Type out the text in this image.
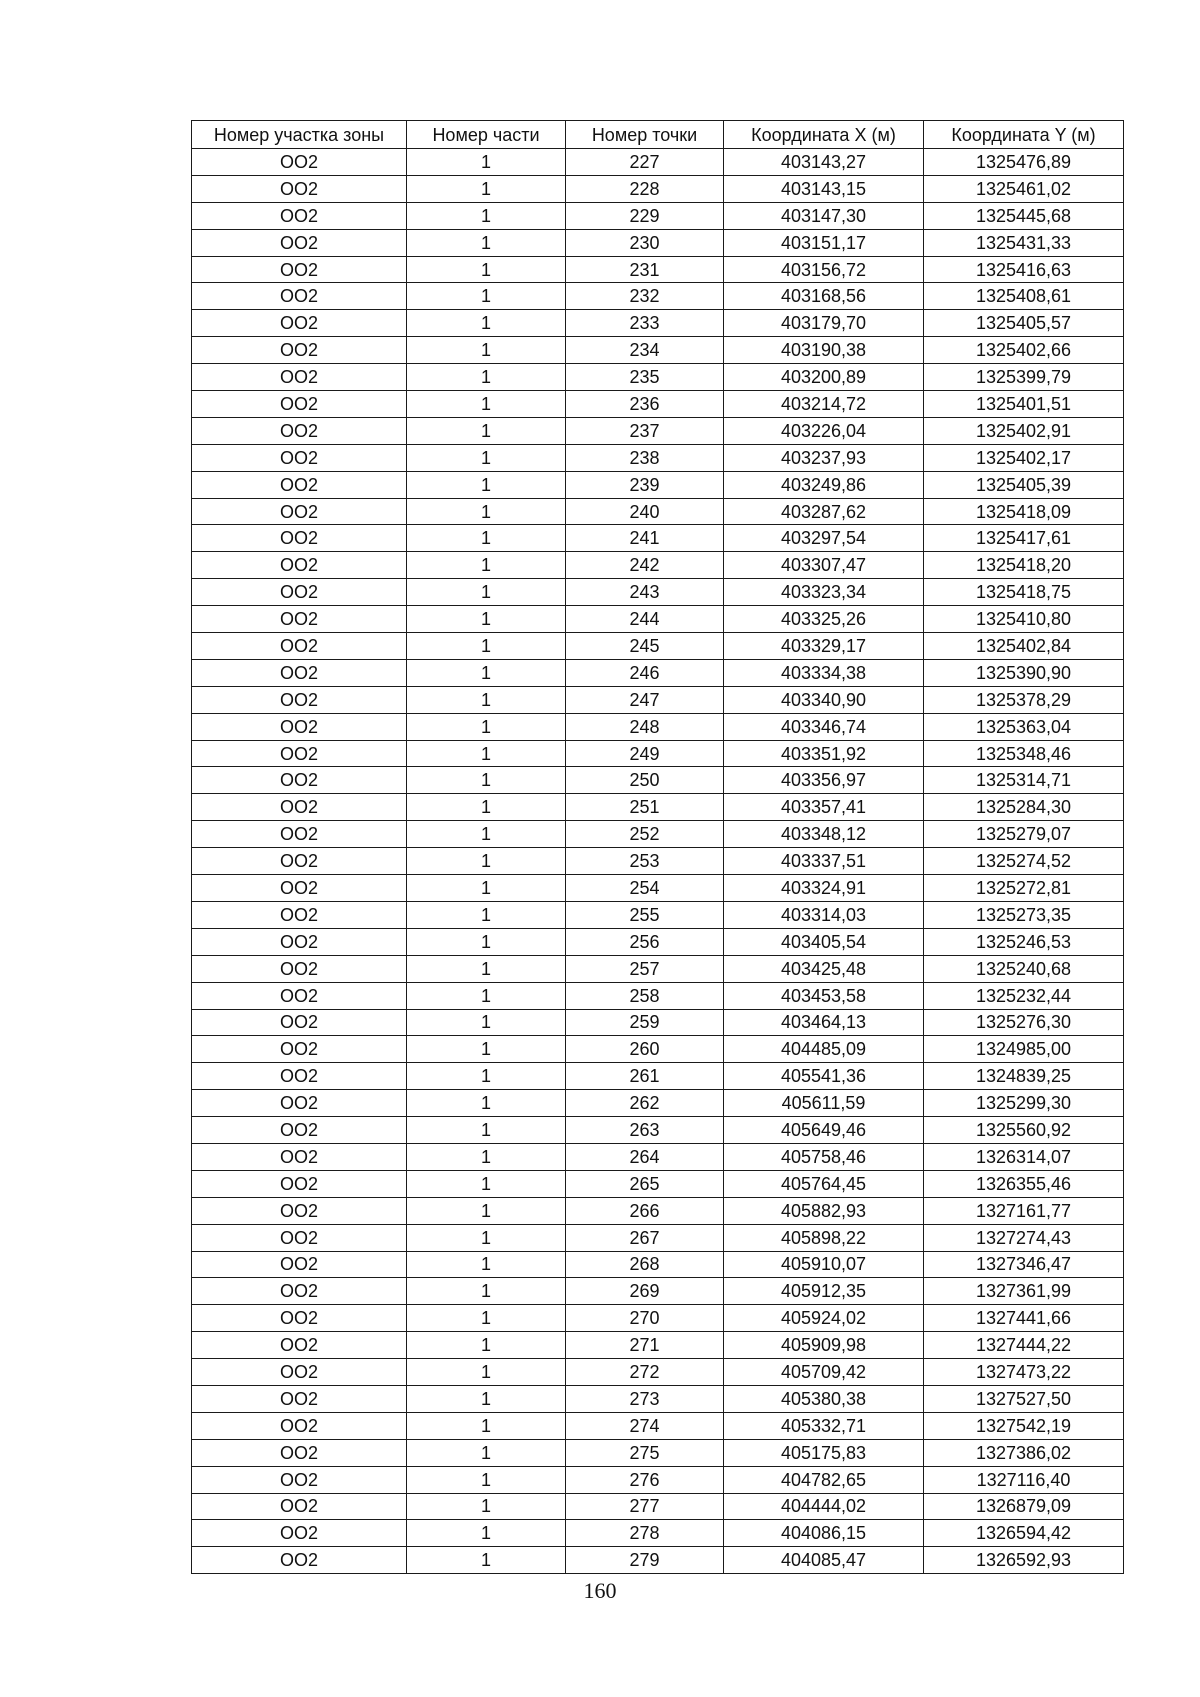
Номер участка зоны	Номер части	Номер точки	Координата X (м)	Координата Y (м)
OO2	1	227	403143,27	1325476,89
OO2	1	228	403143,15	1325461,02
OO2	1	229	403147,30	1325445,68
OO2	1	230	403151,17	1325431,33
OO2	1	231	403156,72	1325416,63
OO2	1	232	403168,56	1325408,61
OO2	1	233	403179,70	1325405,57
OO2	1	234	403190,38	1325402,66
OO2	1	235	403200,89	1325399,79
OO2	1	236	403214,72	1325401,51
OO2	1	237	403226,04	1325402,91
OO2	1	238	403237,93	1325402,17
OO2	1	239	403249,86	1325405,39
OO2	1	240	403287,62	1325418,09
OO2	1	241	403297,54	1325417,61
OO2	1	242	403307,47	1325418,20
OO2	1	243	403323,34	1325418,75
OO2	1	244	403325,26	1325410,80
OO2	1	245	403329,17	1325402,84
OO2	1	246	403334,38	1325390,90
OO2	1	247	403340,90	1325378,29
OO2	1	248	403346,74	1325363,04
OO2	1	249	403351,92	1325348,46
OO2	1	250	403356,97	1325314,71
OO2	1	251	403357,41	1325284,30
OO2	1	252	403348,12	1325279,07
OO2	1	253	403337,51	1325274,52
OO2	1	254	403324,91	1325272,81
OO2	1	255	403314,03	1325273,35
OO2	1	256	403405,54	1325246,53
OO2	1	257	403425,48	1325240,68
OO2	1	258	403453,58	1325232,44
OO2	1	259	403464,13	1325276,30
OO2	1	260	404485,09	1324985,00
OO2	1	261	405541,36	1324839,25
OO2	1	262	405611,59	1325299,30
OO2	1	263	405649,46	1325560,92
OO2	1	264	405758,46	1326314,07
OO2	1	265	405764,45	1326355,46
OO2	1	266	405882,93	1327161,77
OO2	1	267	405898,22	1327274,43
OO2	1	268	405910,07	1327346,47
OO2	1	269	405912,35	1327361,99
OO2	1	270	405924,02	1327441,66
OO2	1	271	405909,98	1327444,22
OO2	1	272	405709,42	1327473,22
OO2	1	273	405380,38	1327527,50
OO2	1	274	405332,71	1327542,19
OO2	1	275	405175,83	1327386,02
OO2	1	276	404782,65	1327116,40
OO2	1	277	404444,02	1326879,09
OO2	1	278	404086,15	1326594,42
OO2	1	279	404085,47	1326592,93
160
